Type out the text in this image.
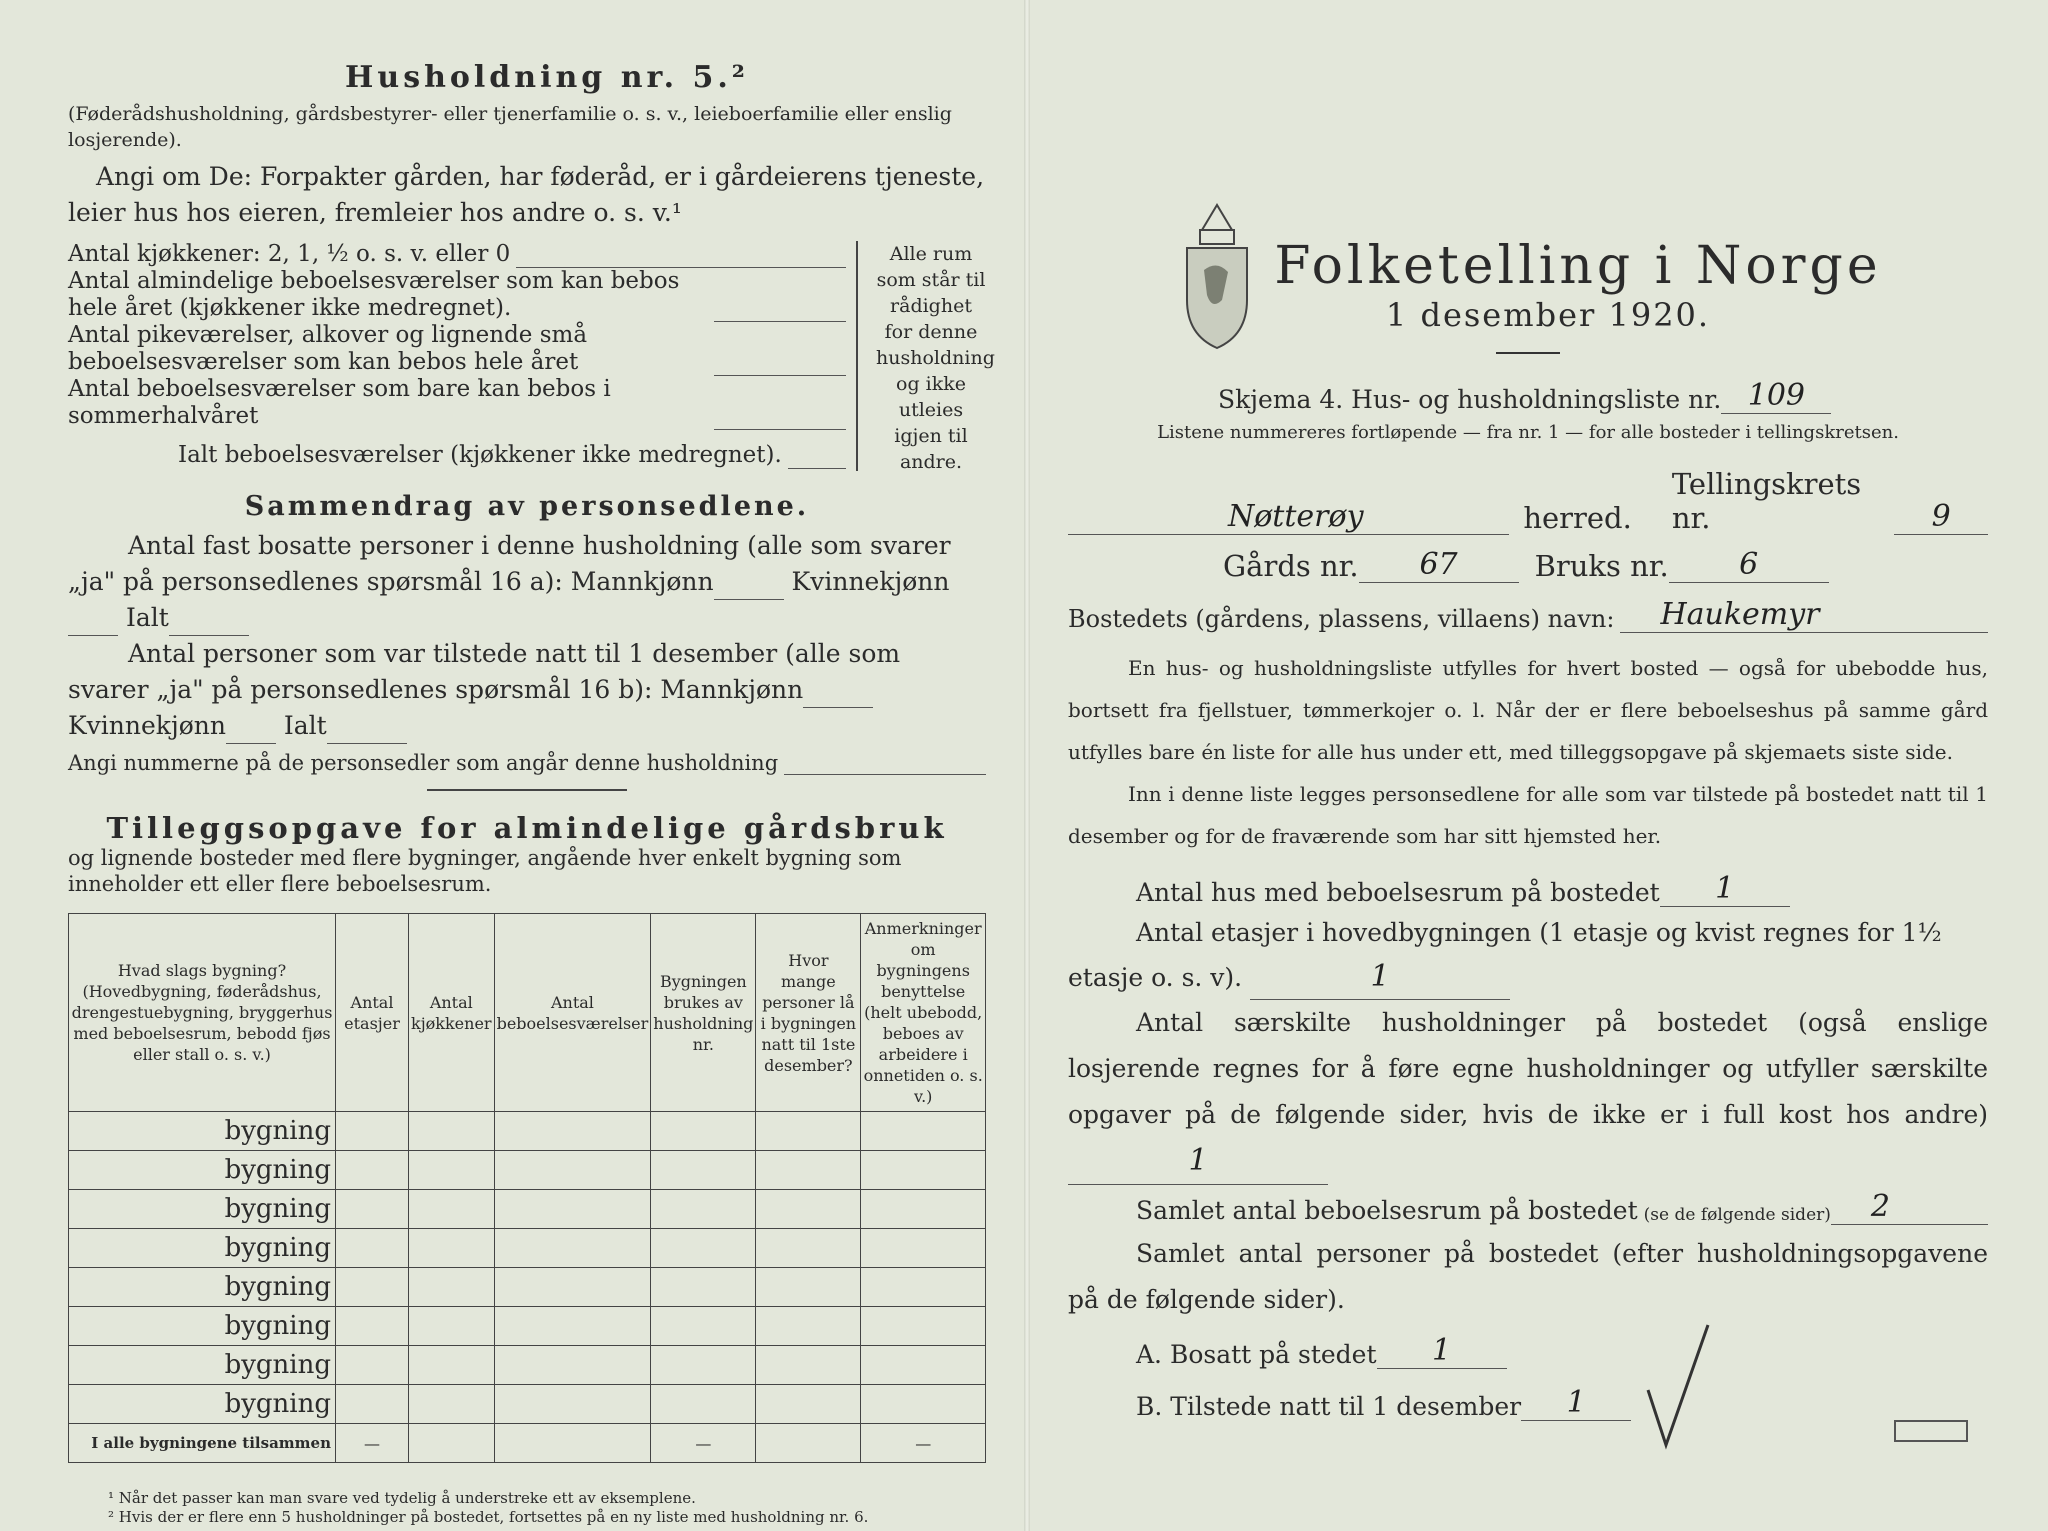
Husholdning nr. 5.²
(Føderådshusholdning, gårdsbestyrer- eller tjenerfamilie o. s. v., leieboerfamilie eller enslig losjerende).
Angi om De: Forpakter gården, har føderåd, er i gårdeierens tjeneste, leier hus hos eieren, fremleier hos andre o. s. v.¹
Antal kjøkkener: 2, 1, ½ o. s. v. eller 0
Antal almindelige beboelsesværelser som kan bebos hele året (kjøkkener ikke medregnet).
Antal pikeværelser, alkover og lignende små beboelsesværelser som kan bebos hele året
Antal beboelsesværelser som bare kan bebos i sommerhalvåret
Ialt beboelsesværelser (kjøkkener ikke medregnet).
Alle rum som står til rådighet for denne husholdning og ikke utleies igjen til andre.
Sammendrag av personsedlene.
Antal fast bosatte personer i denne husholdning (alle som svarer „ja" på personsedlenes spørsmål 16 a): Mannkjønn	Kvinnekjønn Ialt
Antal personer som var tilstede natt til 1 desember (alle som svarer „ja" på personsedlenes spørsmål 16 b): Mannkjønn Kvinnekjønn Ialt
Angi nummerne på de personsedler som angår denne husholdning
Tilleggsopgave for almindelige gårdsbruk
og lignende bosteder med flere bygninger, angående hver enkelt bygning som inneholder ett eller flere beboelsesrum.
Hvad slags bygning? (Hovedbygning, føderådshus, drengestuebygning, bryggerhus med beboelsesrum, bebodd fjøs eller stall o. s. v.)	Antal etasjer	Antal kjøkkener	Antal beboelsesværelser	Bygningen brukes av husholdning nr.	Hvor mange personer lå i bygningen natt til 1ste desember?	Anmerkninger om bygningens benyttelse (helt ubebodd, beboes av arbeidere i onnetiden o. s. v.)
bygning						
bygning						
bygning						
bygning						
bygning						
bygning						
bygning						
bygning						
I alle bygningene tilsammen	—			—		—
¹ Når det passer kan man svare ved tydelig å understreke ett av eksemplene.
² Hvis der er flere enn 5 husholdninger på bostedet, fortsettes på en ny liste med husholdning nr. 6.
Folketelling i Norge
1 desember 1920.
Skjema 4. Hus- og husholdningsliste nr. 109
Listene nummereres fortløpende — fra nr. 1 — for alle bosteder i tellingskretsen.
Nøtterøy	herred.
Tellingskrets nr.	9
Gårds nr.	67	Bruks nr.	6
Bostedets (gårdens, plassens, villaens) navn:	Haukemyr
En hus- og husholdningsliste utfylles for hvert bosted — også for ubebodde hus, bortsett fra fjellstuer, tømmerkojer o. l. Når der er flere beboelseshus på samme gård utfylles bare én liste for alle hus under ett, med tilleggsopgave på skjemaets siste side.
Inn i denne liste legges personsedlene for alle som var tilstede på bostedet natt til 1 desember og for de fraværende som har sitt hjemsted her.
Antal hus med beboelsesrum på bostedet	1
Antal etasjer i hovedbygningen (1 etasje og kvist regnes for 1½ etasje o. s. v).	1
Antal særskilte husholdninger på bostedet (også enslige losjerende regnes for å føre egne husholdninger og utfyller særskilte opgaver på de følgende sider, hvis de ikke er i full kost hos andre) 1
Samlet antal beboelsesrum på bostedet (se de følgende sider)	2
Samlet antal personer på bostedet (efter husholdningsopgavene på de følgende sider).
A. Bosatt på stedet	1
B. Tilstede natt til 1 desember	1
